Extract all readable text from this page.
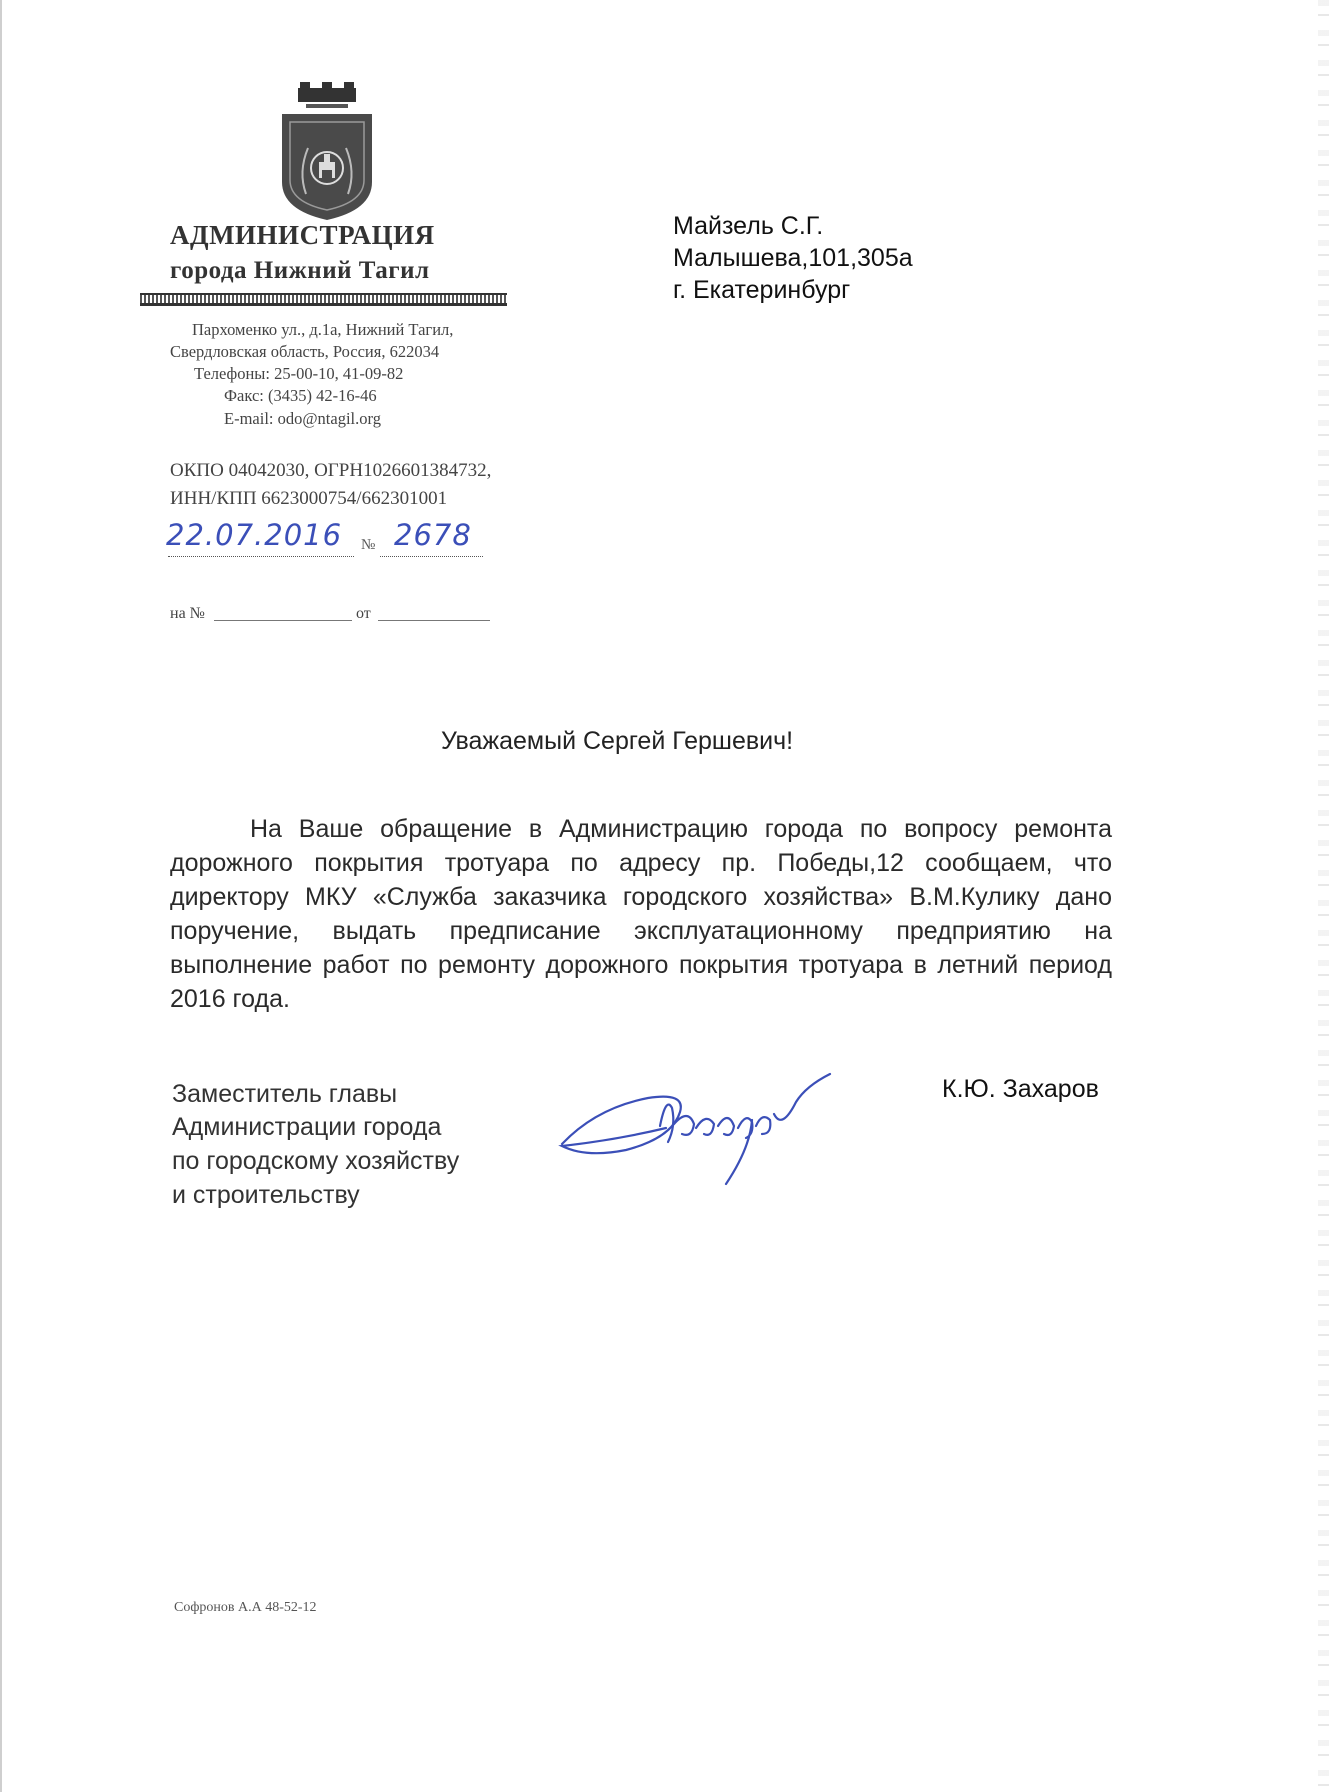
АДМИНИСТРАЦИЯ
города Нижний Тагил
Пархоменко ул., д.1а, Нижний Тагил,
Свердловская область, Россия, 622034
Телефоны: 25-00-10, 41-09-82
Факс: (3435) 42-16-46
E-mail: odo@ntagil.org
ОКПО 04042030, ОГРН1026601384732,
ИНН/КПП 6623000754/662301001
22.07.2016 № 2678
на №	от
Майзель С.Г.
Малышева,101,305а
г. Екатеринбург
Уважаемый Сергей Гершевич!
На Ваше обращение в Администрацию города по вопросу ремонта дорожного покрытия тротуара по адресу пр. Победы,12 сообщаем, что директору МКУ «Служба заказчика городского хозяйства» В.М.Кулику дано поручение, выдать предписание эксплуатационному предприятию на выполнение работ по ремонту дорожного покрытия тротуара в летний период 2016 года.
Заместитель главы
Администрации города
по городскому хозяйству
и строительству
К.Ю. Захаров
Софронов А.А 48-52-12
